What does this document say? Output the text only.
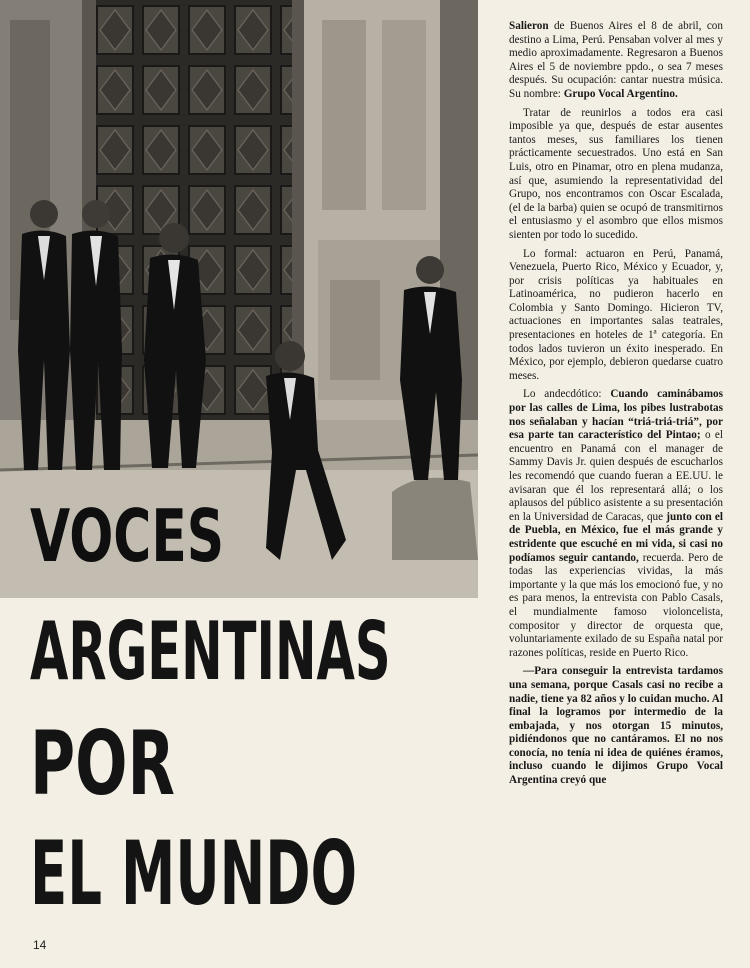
VOCES
ARGENTINAS
POR
EL MUNDO
14

Salieron de Buenos Aires el 8 de abril, con destino a Lima, Perú. Pensaban volver al mes y medio aproximadamente. Regresaron a Buenos Aires el 5 de noviembre ppdo., o sea 7 meses después. Su ocupación: cantar nuestra música. Su nombre: Grupo Vocal Argentino.

Tratar de reunirlos a todos era casi imposible ya que, después de estar ausentes tantos meses, sus familiares los tienen prácticamente secuestrados. Uno está en San Luis, otro en Pinamar, otro en plena mudanza, así que, asumiendo la representatividad del Grupo, nos encontramos con Oscar Escalada, (el de la barba) quien se ocupó de transmitirnos el entusiasmo y el asombro que ellos mismos sienten por todo lo sucedido.

Lo formal: actuaron en Perú, Panamá, Venezuela, Puerto Rico, México y Ecuador, y, por crisis políticas ya habituales en Latinoamérica, no pudieron hacerlo en Colombia y Santo Domingo. Hicieron TV, actuaciones en importantes salas teatrales, presentaciones en hoteles de 1ª categoría. En todos lados tuvieron un éxito inesperado. En México, por ejemplo, debieron quedarse cuatro meses.

Lo andecdótico: Cuando caminábamos por las calles de Lima, los pibes lustrabotas nos señalaban y hacían “triá-triá-triá”, por esa parte tan característico del Pintao; o el encuentro en Panamá con el manager de Sammy Davis Jr. quien después de escucharlos les recomendó que cuando fueran a EE.UU. le avisaran que él los representará allá; o los aplausos del público asistente a su presentación en la Universidad de Caracas, que junto con el de Puebla, en México, fue el más grande y estridente que escuché en mi vida, si casi no podíamos seguir cantando, recuerda. Pero de todas las experiencias vividas, la más importante y la que más los emocionó fue, y no es para menos, la entrevista con Pablo Casals, el mundialmente famoso violoncelista, compositor y director de orquesta que, voluntariamente exilado de su España natal por razones políticas, reside en Puerto Rico.

—Para conseguir la entrevista tardamos una semana, porque Casals casi no recibe a nadie, tiene ya 82 años y lo cuidan mucho. Al final la logramos por intermedio de la embajada, y nos otorgan 15 minutos, pidiéndonos que no cantáramos. El no nos conocía, no tenía ni idea de quiénes éramos, incluso cuando le dijimos Grupo Vocal Argentina creyó que
